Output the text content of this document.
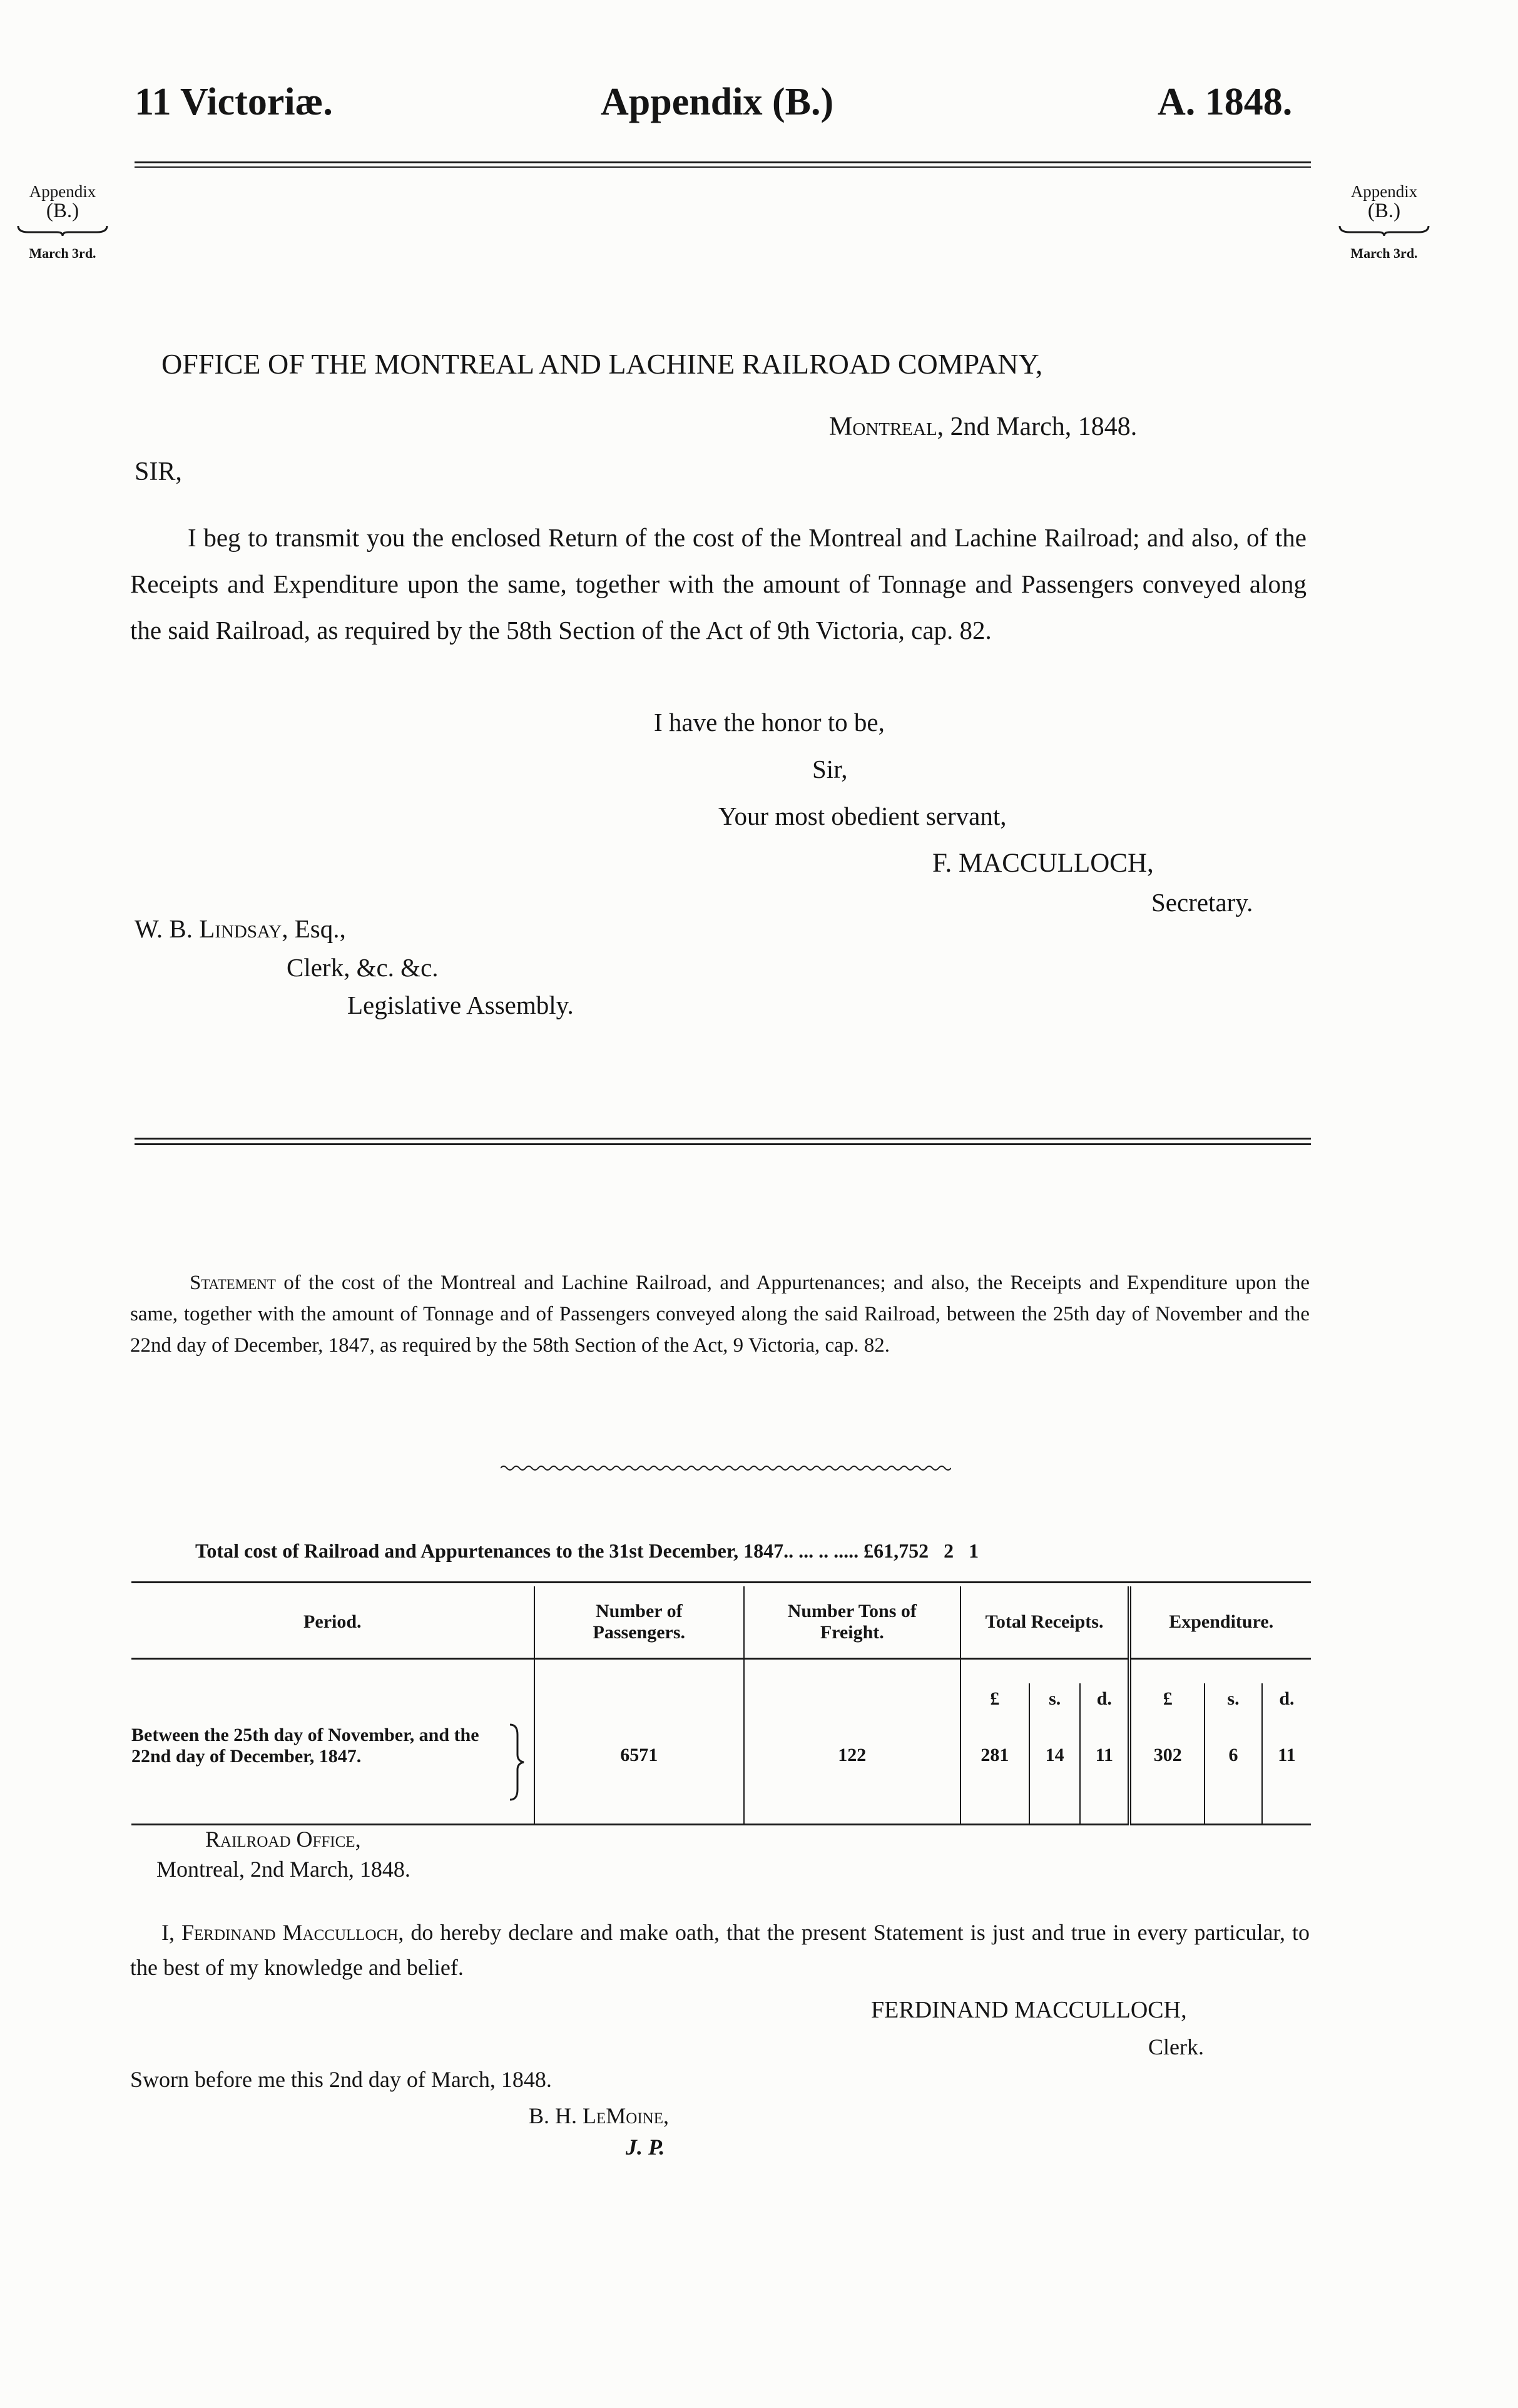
11 Victoriæ.	Appendix (B.)	A. 1848.
Appendix
(B.)
March 3rd.
Appendix
(B.)
March 3rd.
OFFICE OF THE MONTREAL AND LACHINE RAILROAD COMPANY,
Montreal, 2nd March, 1848.
SIR,
I beg to transmit you the enclosed Return of the cost of the Montreal and Lachine Railroad; and also, of the Receipts and Expenditure upon the same, together with the amount of Tonnage and Passengers conveyed along the said Railroad, as required by the 58th Section of the Act of 9th Victoria, cap. 82.
I have the honor to be,
Sir,
Your most obedient servant,
F. MACCULLOCH,
Secretary.
W. B. Lindsay, Esq.,
Clerk, &c. &c.
Legislative Assembly.
Statement of the cost of the Montreal and Lachine Railroad, and Appurtenances; and also, the Receipts and Expenditure upon the same, together with the amount of Tonnage and of Passengers conveyed along the said Railroad, between the 25th day of November and the 22nd day of December, 1847, as required by the 58th Section of the Act, 9 Victoria, cap. 82.
Total cost of Railroad and Appurtenances to the 31st December, 1847.. ... .. ..... £61,752   2   1
Period.	Number of Passengers.	Number Tons of Freight.	Total Receipts.			Expenditure.		

			£	s.	d.	£	s.	d.
Between the 25th day of November, and the 22nd day of December, 1847.	6571	122	281	14	11	302	6	11
Railroad Office,
Montreal, 2nd March, 1848.
I, Ferdinand Macculloch, do hereby declare and make oath, that the present Statement is just and true in every particular, to the best of my knowledge and belief.
FERDINAND MACCULLOCH,
Clerk.
Sworn before me this 2nd day of March, 1848.
B. H. LeMoine,
J. P.
